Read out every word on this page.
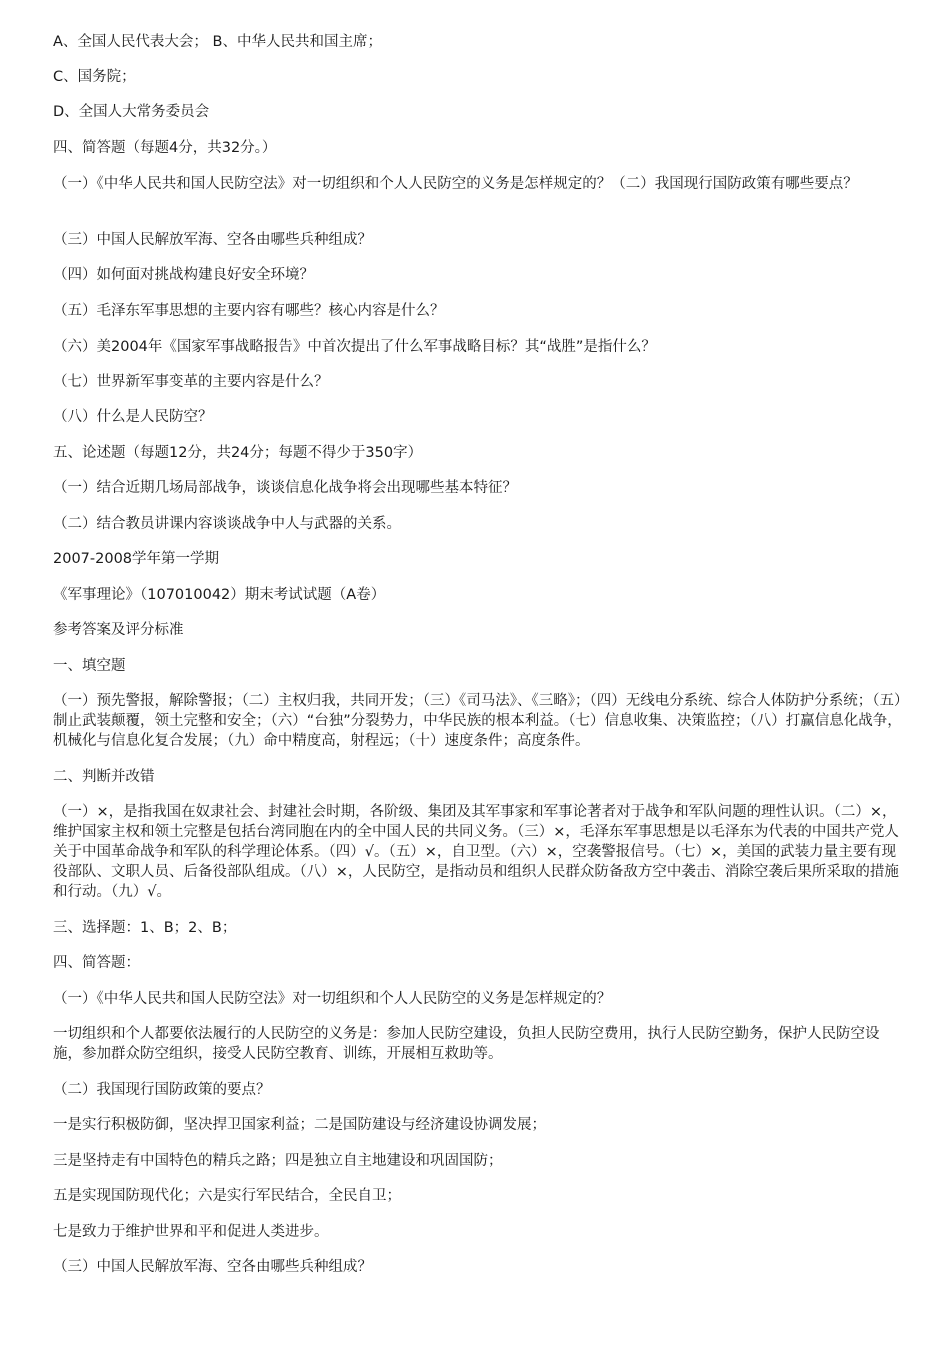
A、全国人民代表大会； B、中华人民共和国主席；

C、国务院；

D、全国人大常务委员会

四、简答题（每题4分，共32分。）

（一）《中华人民共和国人民防空法》对一切组织和个人人民防空的义务是怎样规定的？（二）我国现行国防政策有哪些要点？

（三）中国人民解放军海、空各由哪些兵种组成？

（四）如何面对挑战构建良好安全环境？

（五）毛泽东军事思想的主要内容有哪些？核心内容是什么？

（六）美2004年《国家军事战略报告》中首次提出了什么军事战略目标？其“战胜”是指什么？

（七）世界新军事变革的主要内容是什么？

（八）什么是人民防空？

五、论述题（每题12分，共24分；每题不得少于350字）

（一）结合近期几场局部战争，谈谈信息化战争将会出现哪些基本特征？

（二）结合教员讲课内容谈谈战争中人与武器的关系。

2007-2008学年第一学期

《军事理论》（107010042）期末考试试题（A卷）

参考答案及评分标准

一、填空题

（一）预先警报，解除警报；（二）主权归我，共同开发；（三）《司马法》、《三略》；（四）无线电分系统、综合人体防护分系统；（五）制止武装颠覆，领土完整和安全；（六）“台独”分裂势力，中华民族的根本利益。（七）信息收集、决策监控；（八）打赢信息化战争，机械化与信息化复合发展；（九）命中精度高，射程远；（十）速度条件；高度条件。

二、判断并改错

（一）×，是指我国在奴隶社会、封建社会时期，各阶级、集团及其军事家和军事论著者对于战争和军队问题的理性认识。（二）×，维护国家主权和领土完整是包括台湾同胞在内的全中国人民的共同义务。（三）×，毛泽东军事思想是以毛泽东为代表的中国共产党人关于中国革命战争和军队的科学理论体系。（四）√。（五）×，自卫型。（六）×，空袭警报信号。（七）×，美国的武装力量主要有现役部队、文职人员、后备役部队组成。（八）×，人民防空，是指动员和组织人民群众防备敌方空中袭击、消除空袭后果所采取的措施和行动。（九）√。

三、选择题：1、B；2、B；

四、简答题：

（一）《中华人民共和国人民防空法》对一切组织和个人人民防空的义务是怎样规定的？

一切组织和个人都要依法履行的人民防空的义务是：参加人民防空建设，负担人民防空费用，执行人民防空勤务，保护人民防空设施，参加群众防空组织，接受人民防空教育、训练，开展相互救助等。

（二）我国现行国防政策的要点？

一是实行积极防御，坚决捍卫国家利益；二是国防建设与经济建设协调发展；

三是坚持走有中国特色的精兵之路；四是独立自主地建设和巩固国防；

五是实现国防现代化；六是实行军民结合，全民自卫；

七是致力于维护世界和平和促进人类进步。

（三）中国人民解放军海、空各由哪些兵种组成？
